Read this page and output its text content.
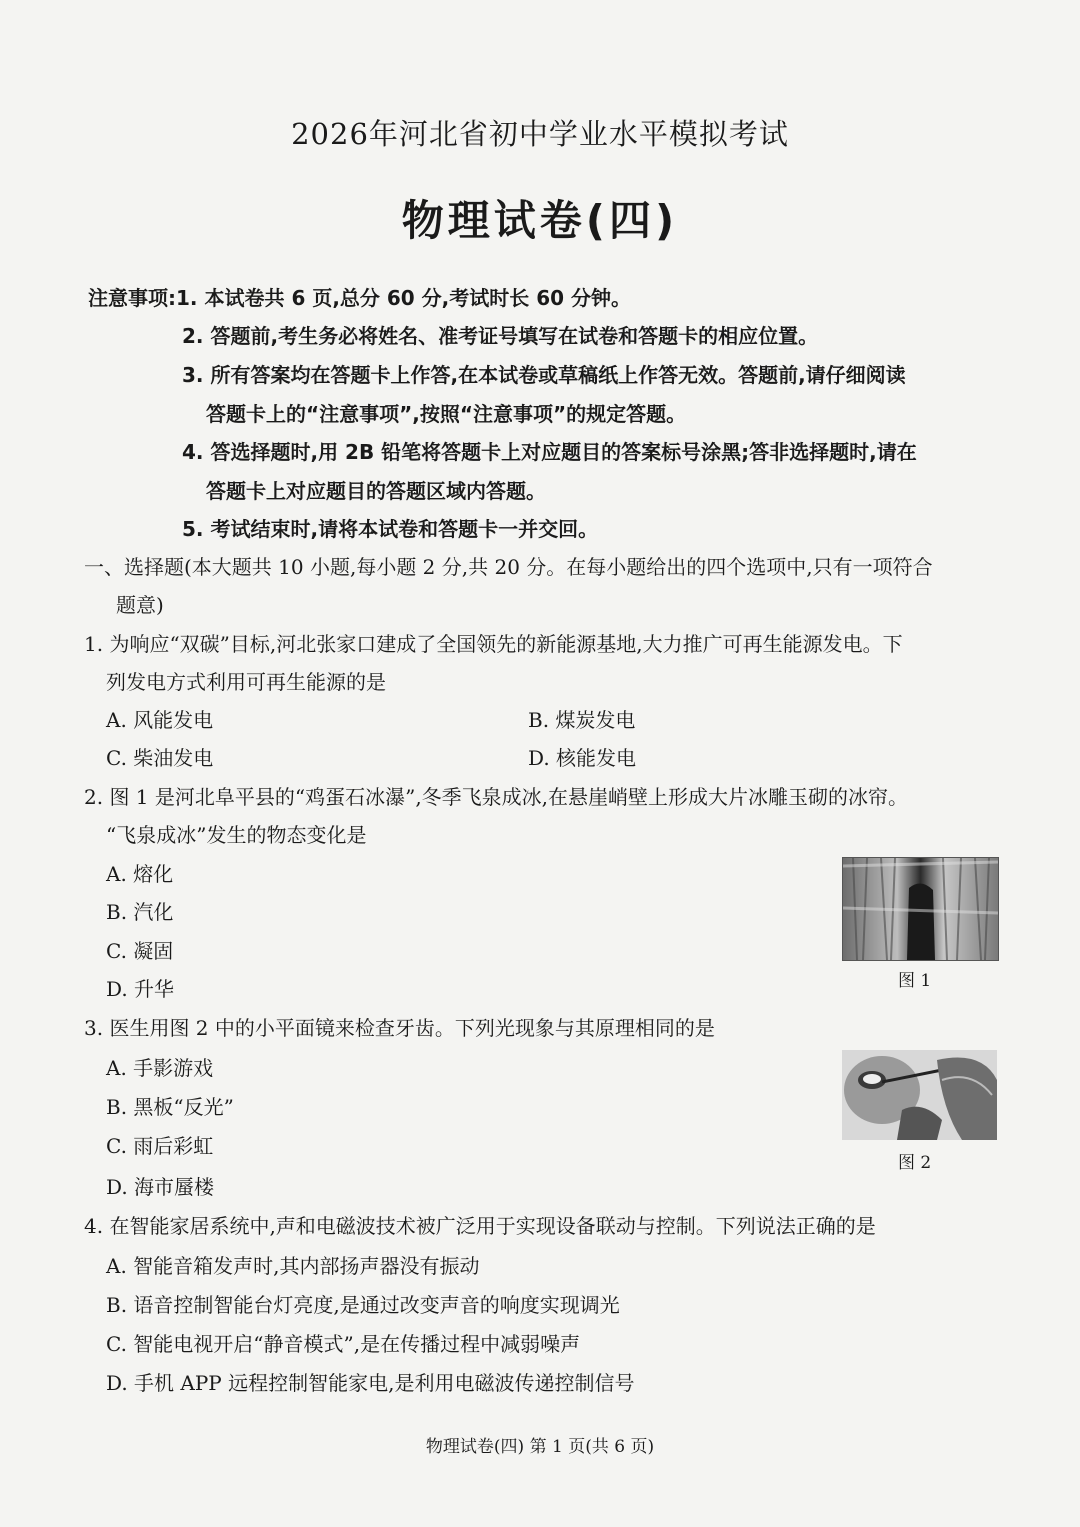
2026年河北省初中学业水平模拟考试
物理试卷(四)
注意事项:1. 本试卷共 6 页,总分 60 分,考试时长 60 分钟。
2. 答题前,考生务必将姓名、准考证号填写在试卷和答题卡的相应位置。
3. 所有答案均在答题卡上作答,在本试卷或草稿纸上作答无效。答题前,请仔细阅读
答题卡上的“注意事项”,按照“注意事项”的规定答题。
4. 答选择题时,用 2B 铅笔将答题卡上对应题目的答案标号涂黑;答非选择题时,请在
答题卡上对应题目的答题区域内答题。
5. 考试结束时,请将本试卷和答题卡一并交回。
一、选择题(本大题共 10 小题,每小题 2 分,共 20 分。在每小题给出的四个选项中,只有一项符合
题意)
1. 为响应“双碳”目标,河北张家口建成了全国领先的新能源基地,大力推广可再生能源发电。下
列发电方式利用可再生能源的是
A. 风能发电	B. 煤炭发电
C. 柴油发电	D. 核能发电
2. 图 1 是河北阜平县的“鸡蛋石冰瀑”,冬季飞泉成冰,在悬崖峭壁上形成大片冰雕玉砌的冰帘。
“飞泉成冰”发生的物态变化是
A. 熔化
B. 汽化
C. 凝固
D. 升华	图 1
3. 医生用图 2 中的小平面镜来检查牙齿。下列光现象与其原理相同的是
A. 手影游戏
B. 黑板“反光”
C. 雨后彩虹
D. 海市蜃楼
图 2
4. 在智能家居系统中,声和电磁波技术被广泛用于实现设备联动与控制。下列说法正确的是
A. 智能音箱发声时,其内部扬声器没有振动
B. 语音控制智能台灯亮度,是通过改变声音的响度实现调光
C. 智能电视开启“静音模式”,是在传播过程中减弱噪声
D. 手机 APP 远程控制智能家电,是利用电磁波传递控制信号
物理试卷(四) 第 1 页(共 6 页)
